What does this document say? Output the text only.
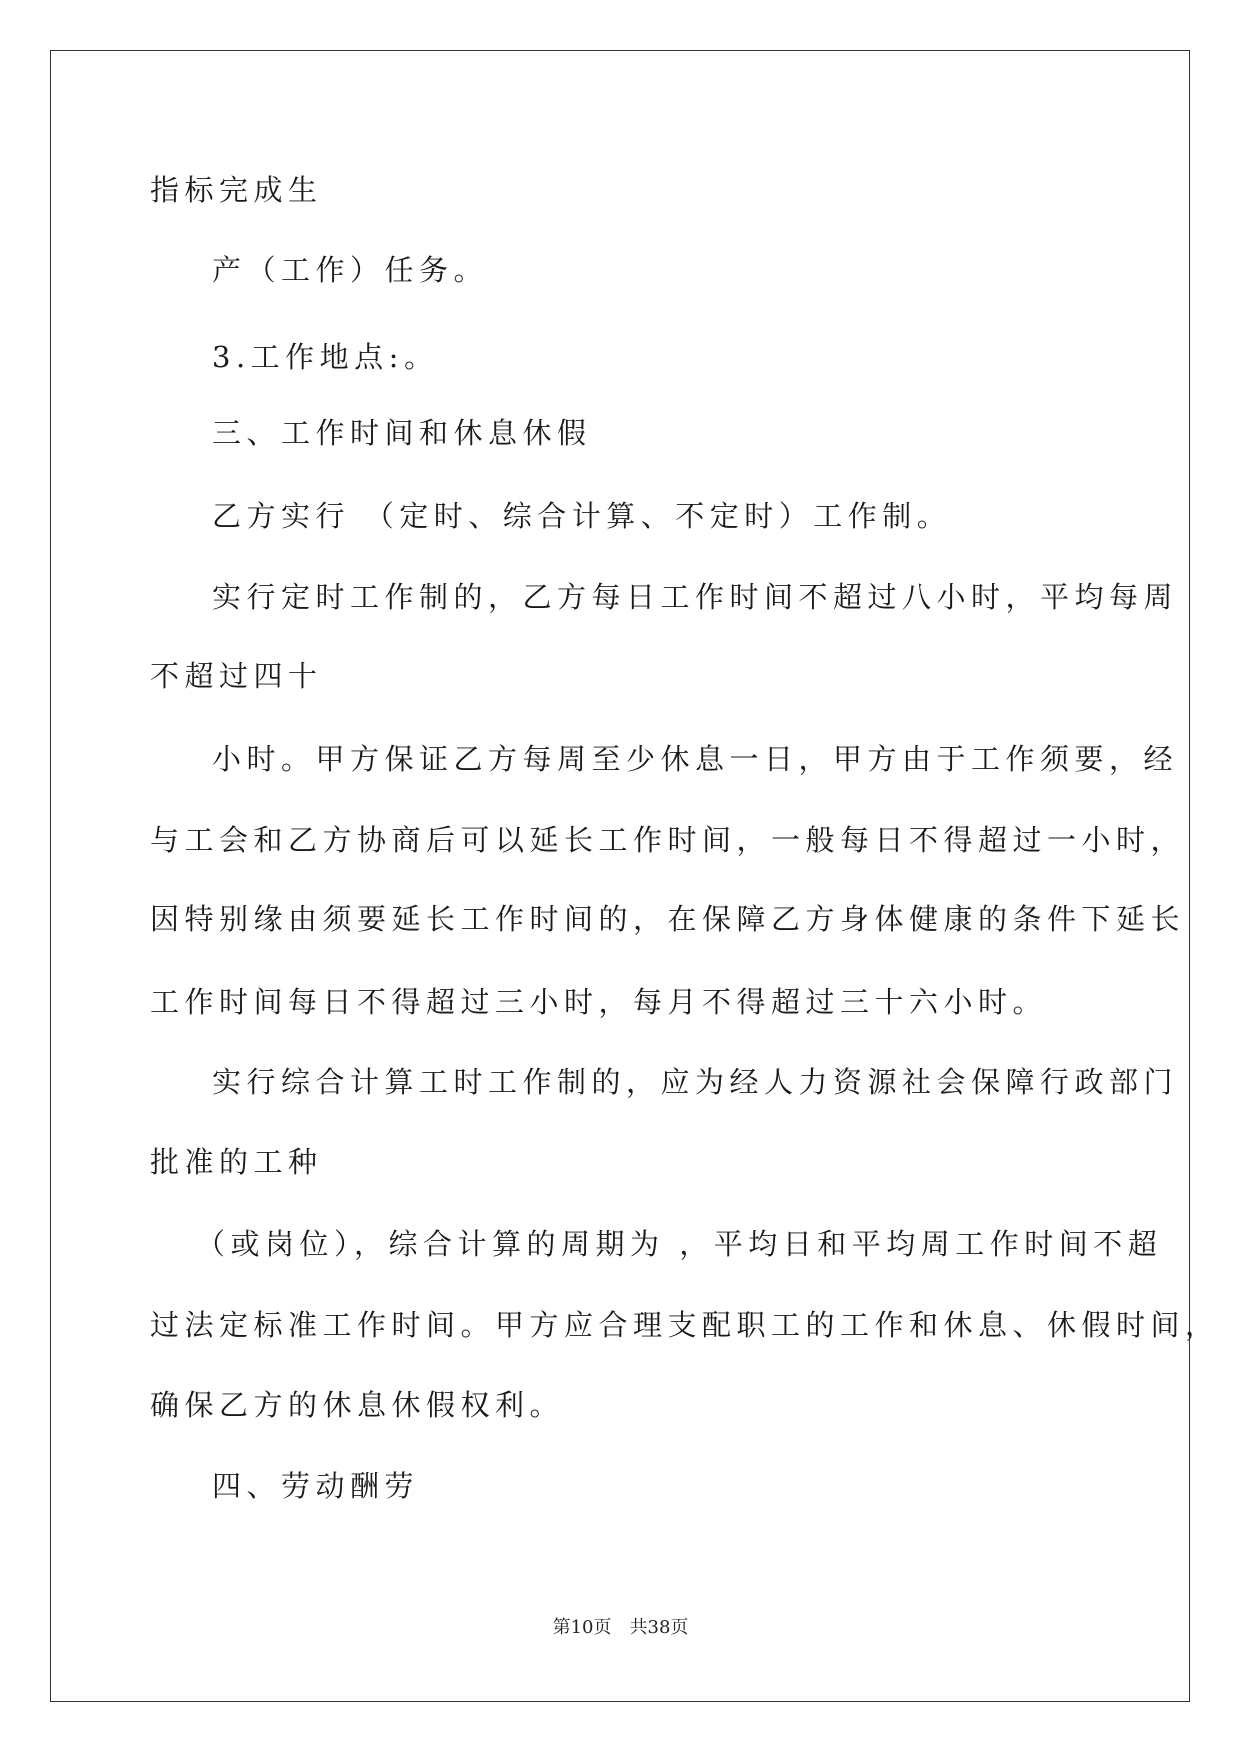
指标完成生
产（工作）任务。
3.工作地点:。
三、工作时间和休息休假
乙方实行 （定时、综合计算、不定时）工作制。
实行定时工作制的，乙方每日工作时间不超过八小时，平均每周
不超过四十
小时。甲方保证乙方每周至少休息一日，甲方由于工作须要，经
与工会和乙方协商后可以延长工作时间，一般每日不得超过一小时，
因特别缘由须要延长工作时间的，在保障乙方身体健康的条件下延长
工作时间每日不得超过三小时，每月不得超过三十六小时。
实行综合计算工时工作制的，应为经人力资源社会保障行政部门
批准的工种
（或岗位），综合计算的周期为 ，平均日和平均周工作时间不超
过法定标准工作时间。甲方应合理支配职工的工作和休息、休假时间，
确保乙方的休息休假权利。
四、劳动酬劳
第10页 共38页
